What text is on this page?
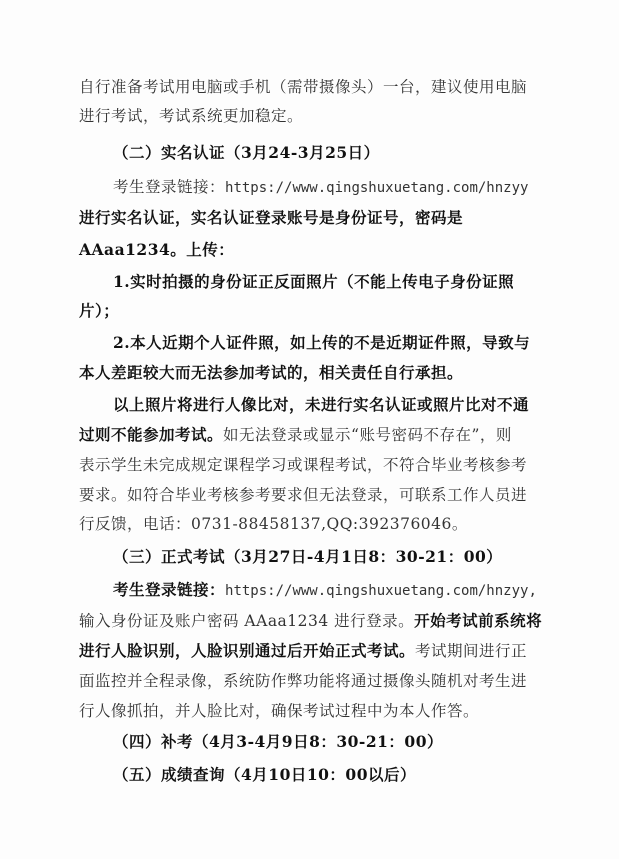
自行准备考试用电脑或手机（需带摄像头）一台，建议使用电脑
进行考试，考试系统更加稳定。
（二）实名认证（3月24-3月25日）
考生登录链接：https://www.qingshuxuetang.com/hnzyy
进行实名认证，实名认证登录账号是身份证号，密码是
AAaa1234。上传：
1.实时拍摄的身份证正反面照片（不能上传电子身份证照
片）；
2.本人近期个人证件照，如上传的不是近期证件照，导致与
本人差距较大而无法参加考试的，相关责任自行承担。
以上照片将进行人像比对，未进行实名认证或照片比对不通
过则不能参加考试。如无法登录或显示“账号密码不存在”，则
表示学生未完成规定课程学习或课程考试，不符合毕业考核参考
要求。如符合毕业考核参考要求但无法登录，可联系工作人员进
行反馈，电话：0731-88458137,QQ:392376046。
（三）正式考试（3月27日-4月1日8：30-21：00）
考生登录链接：https://www.qingshuxuetang.com/hnzyy,
输入身份证及账户密码 AAaa1234 进行登录。开始考试前系统将
进行人脸识别，人脸识别通过后开始正式考试。考试期间进行正
面监控并全程录像，系统防作弊功能将通过摄像头随机对考生进
行人像抓拍，并人脸比对，确保考试过程中为本人作答。
（四）补考（4月3-4月9日8：30-21：00）
（五）成绩查询（4月10日10：00以后）
